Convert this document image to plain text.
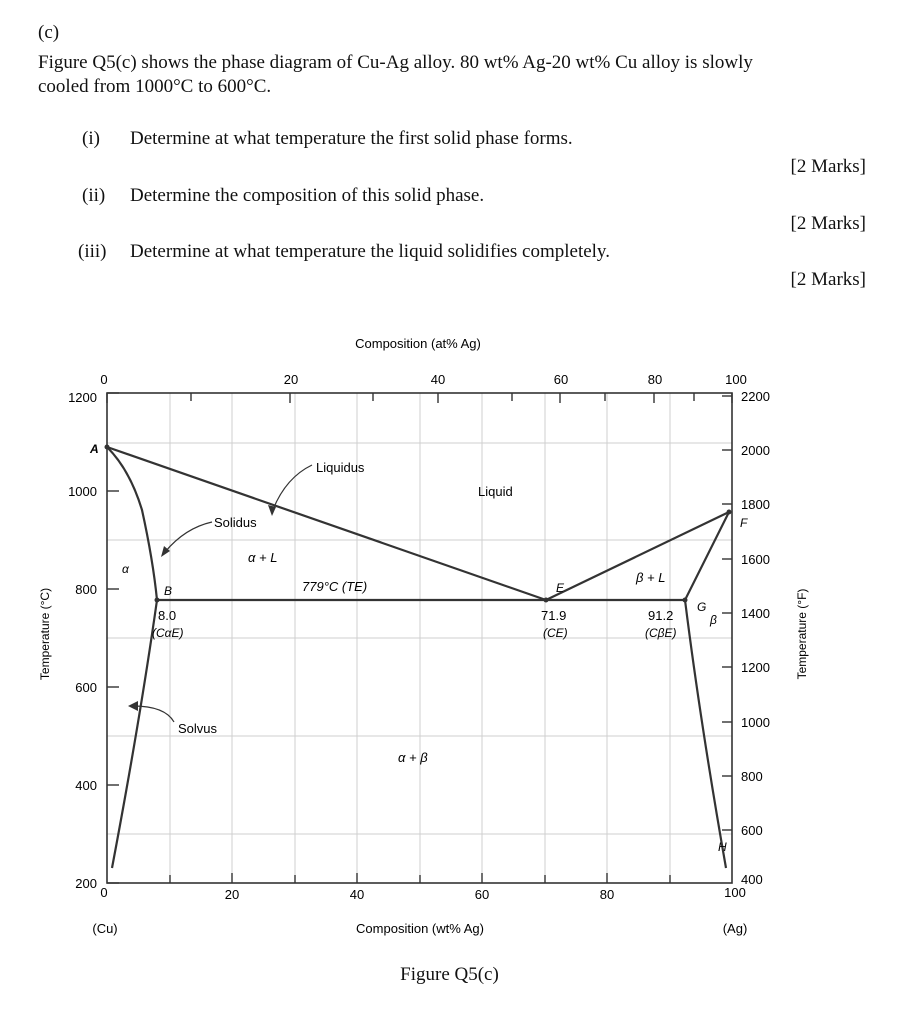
(c)
Figure Q5(c) shows the phase diagram of Cu-Ag alloy. 80 wt% Ag-20 wt% Cu alloy is slowly
cooled from 1000°C to 600°C.
(i) Determine at what temperature the first solid phase forms.
[2 Marks]
(ii) Determine the composition of this solid phase.
[2 Marks]
(iii) Determine at what temperature the liquid solidifies completely.
[2 Marks]
Composition (at% Ag)
0	20	40	60	80	100
1200
1000
800
600
400
200
Temperature (°C)
2200
2000
1800
1600
1400
1200
1000
800
600
400
Temperature (°F)
0	20	40	60	80	100
Composition (wt% Ag)
(Cu)	(Ag)
A
Liquidus
Liquid
Solidus
α + L
β + L
α
β
α + β
Solvus
779°C (TE)
B	E
F
G
H
8.0
(CαE)
71.9
(CE)
91.2
(CβE)
Figure Q5(c)
